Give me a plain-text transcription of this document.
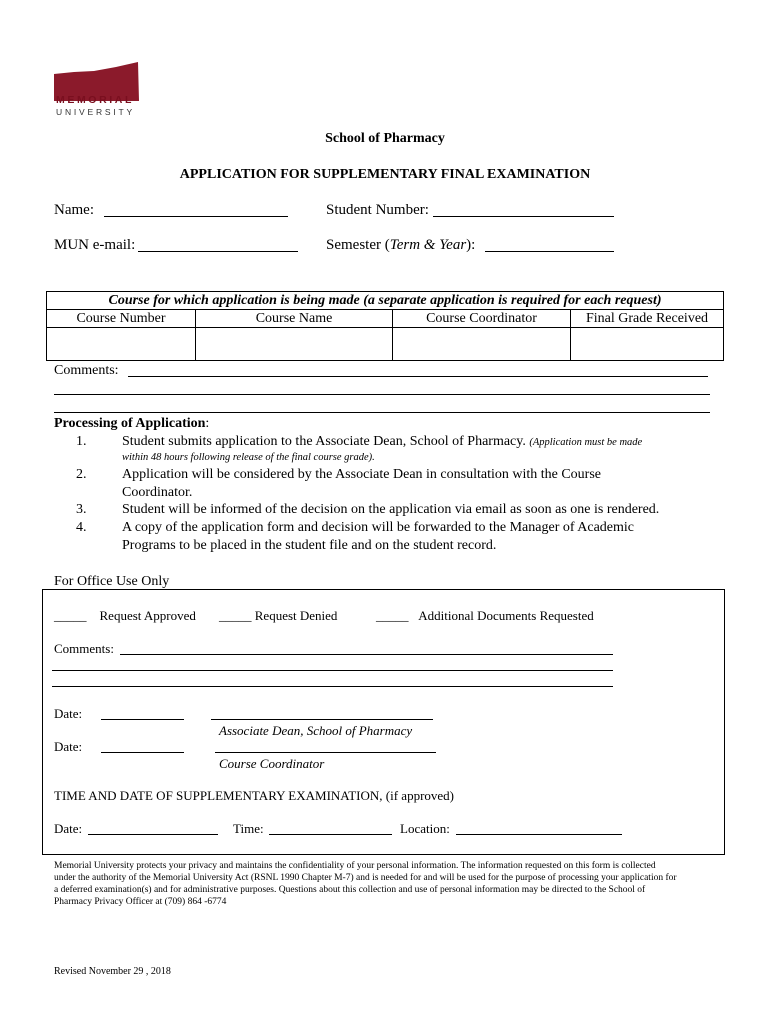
MEMORIAL
UNIVERSITY
School of Pharmacy
APPLICATION FOR SUPPLEMENTARY FINAL EXAMINATION
Name:	Student Number:
MUN e-mail:	Semester (Term & Year):
Course for which application is being made (a separate application is required for each request)			
Course Number	Course Name	Course Coordinator	Final Grade Received

Comments:
Processing of Application:
1.	Student submits application to the Associate Dean, School of Pharmacy. (Application must be made
within 48 hours following release of the final course grade).
2.	Application will be considered by the Associate Dean in consultation with the Course
Coordinator.
3.	Student will be informed of the decision on the application via email as soon as one is rendered.
4.	A copy of the application form and decision will be forwarded to the Manager of Academic
Programs to be placed in the student file and on the student record.
For Office Use Only
_____ Request Approved _____ Request Denied	_____ Additional Documents Requested
Comments:
Date:
Associate Dean, School of Pharmacy
Date:
Course Coordinator
TIME AND DATE OF SUPPLEMENTARY EXAMINATION, (if approved)
Date:	Time:	Location:
Memorial University protects your privacy and maintains the confidentiality of your personal information. The information requested on this form is collected
under the authority of the Memorial University Act (RSNL 1990 Chapter M-7) and is needed for and will be used for the purpose of processing your application for
a deferred examination(s) and for administrative purposes. Questions about this collection and use of personal information may be directed to the School of
Pharmacy Privacy Officer at (709) 864 -6774
Revised November 29 , 2018
